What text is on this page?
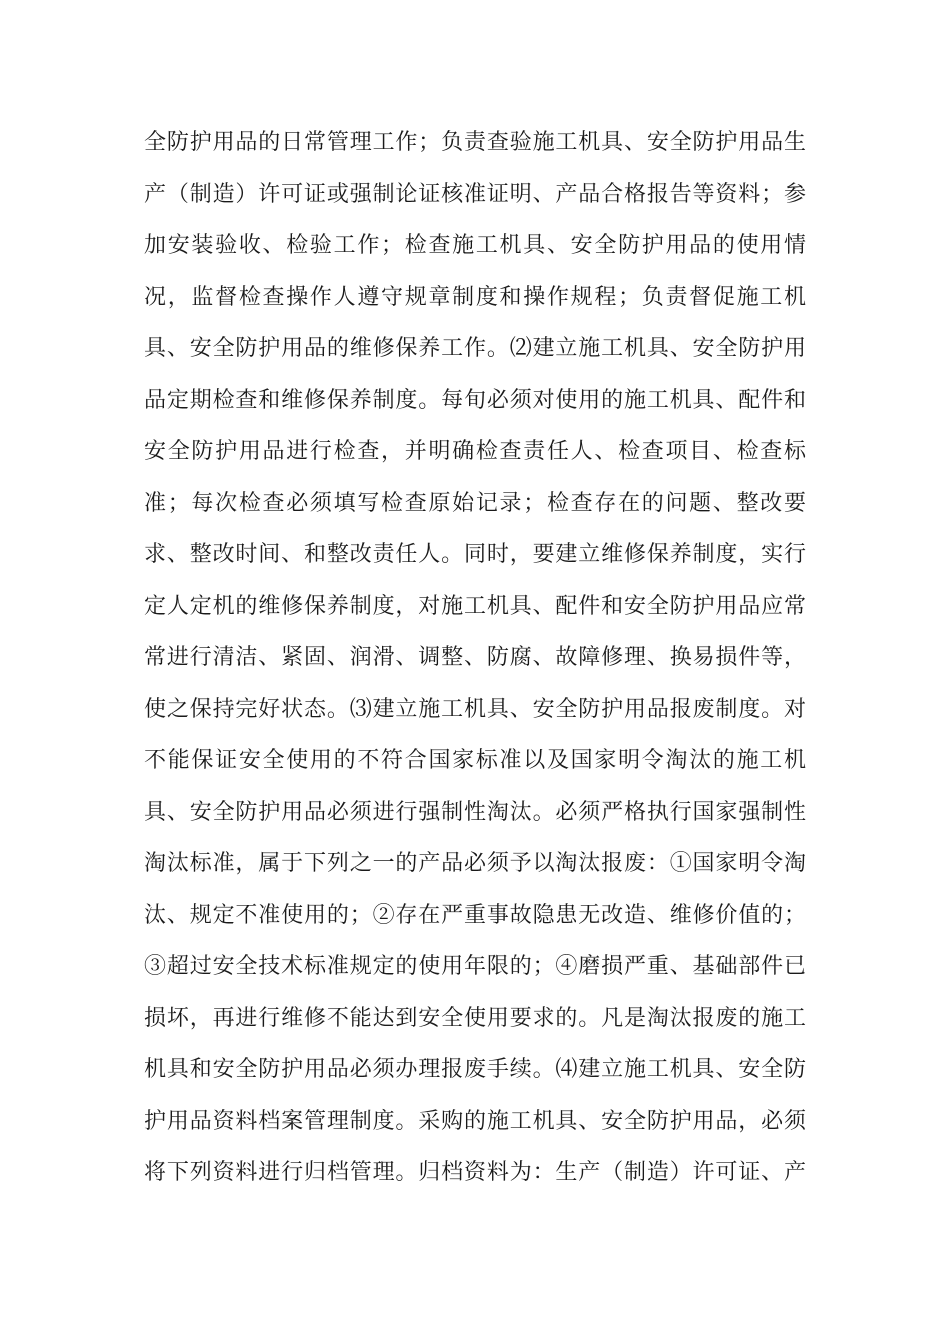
全防护用品的日常管理工作；负责查验施工机具、安全防护用品生
产（制造）许可证或强制论证核准证明、产品合格报告等资料；参
加安装验收、检验工作；检查施工机具、安全防护用品的使用情
况，监督检查操作人遵守规章制度和操作规程；负责督促施工机
具、安全防护用品的维修保养工作。⑵建立施工机具、安全防护用
品定期检查和维修保养制度。每旬必须对使用的施工机具、配件和
安全防护用品进行检查，并明确检查责任人、检查项目、检查标
准；每次检查必须填写检查原始记录；检查存在的问题、整改要
求、整改时间、和整改责任人。同时，要建立维修保养制度，实行
定人定机的维修保养制度，对施工机具、配件和安全防护用品应常
常进行清洁、紧固、润滑、调整、防腐、故障修理、换易损件等，
使之保持完好状态。⑶建立施工机具、安全防护用品报废制度。对
不能保证安全使用的不符合国家标准以及国家明令淘汰的施工机
具、安全防护用品必须进行强制性淘汰。必须严格执行国家强制性
淘汰标准，属于下列之一的产品必须予以淘汰报废：①国家明令淘
汰、规定不准使用的；②存在严重事故隐患无改造、维修价值的；
③超过安全技术标准规定的使用年限的；④磨损严重、基础部件已
损坏，再进行维修不能达到安全使用要求的。凡是淘汰报废的施工
机具和安全防护用品必须办理报废手续。⑷建立施工机具、安全防
护用品资料档案管理制度。采购的施工机具、安全防护用品，必须
将下列资料进行归档管理。归档资料为：生产（制造）许可证、产
